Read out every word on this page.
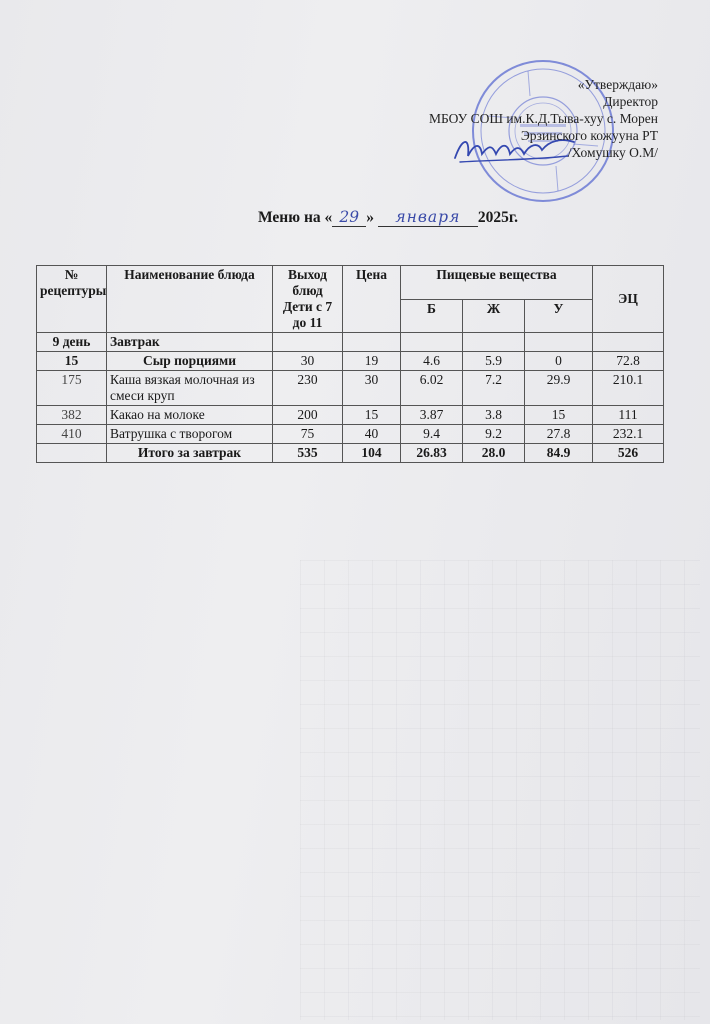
«Утверждаю»
Директор
МБОУ СОШ им.К.Д.Тыва-хуу с. Морен
Эрзинского кожууна РТ
/Хомушку О.М/
Меню на « 29 » января 2025г.
№ рецептуры	Наименование блюда	Выход блюд Дети с 7 до 11	Цена	Пищевые вещества			ЭЦ
				Б	Ж	У	
9 день	Завтрак						
15	Сыр порциями	30	19	4.6	5.9	0	72.8
175	Каша вязкая молочная из смеси круп	230	30	6.02	7.2	29.9	210.1
382	Какао на молоке	200	15	3.87	3.8	15	111
410	Ватрушка с творогом	75	40	9.4	9.2	27.8	232.1
	Итого за завтрак	535	104	26.83	28.0	84.9	526
